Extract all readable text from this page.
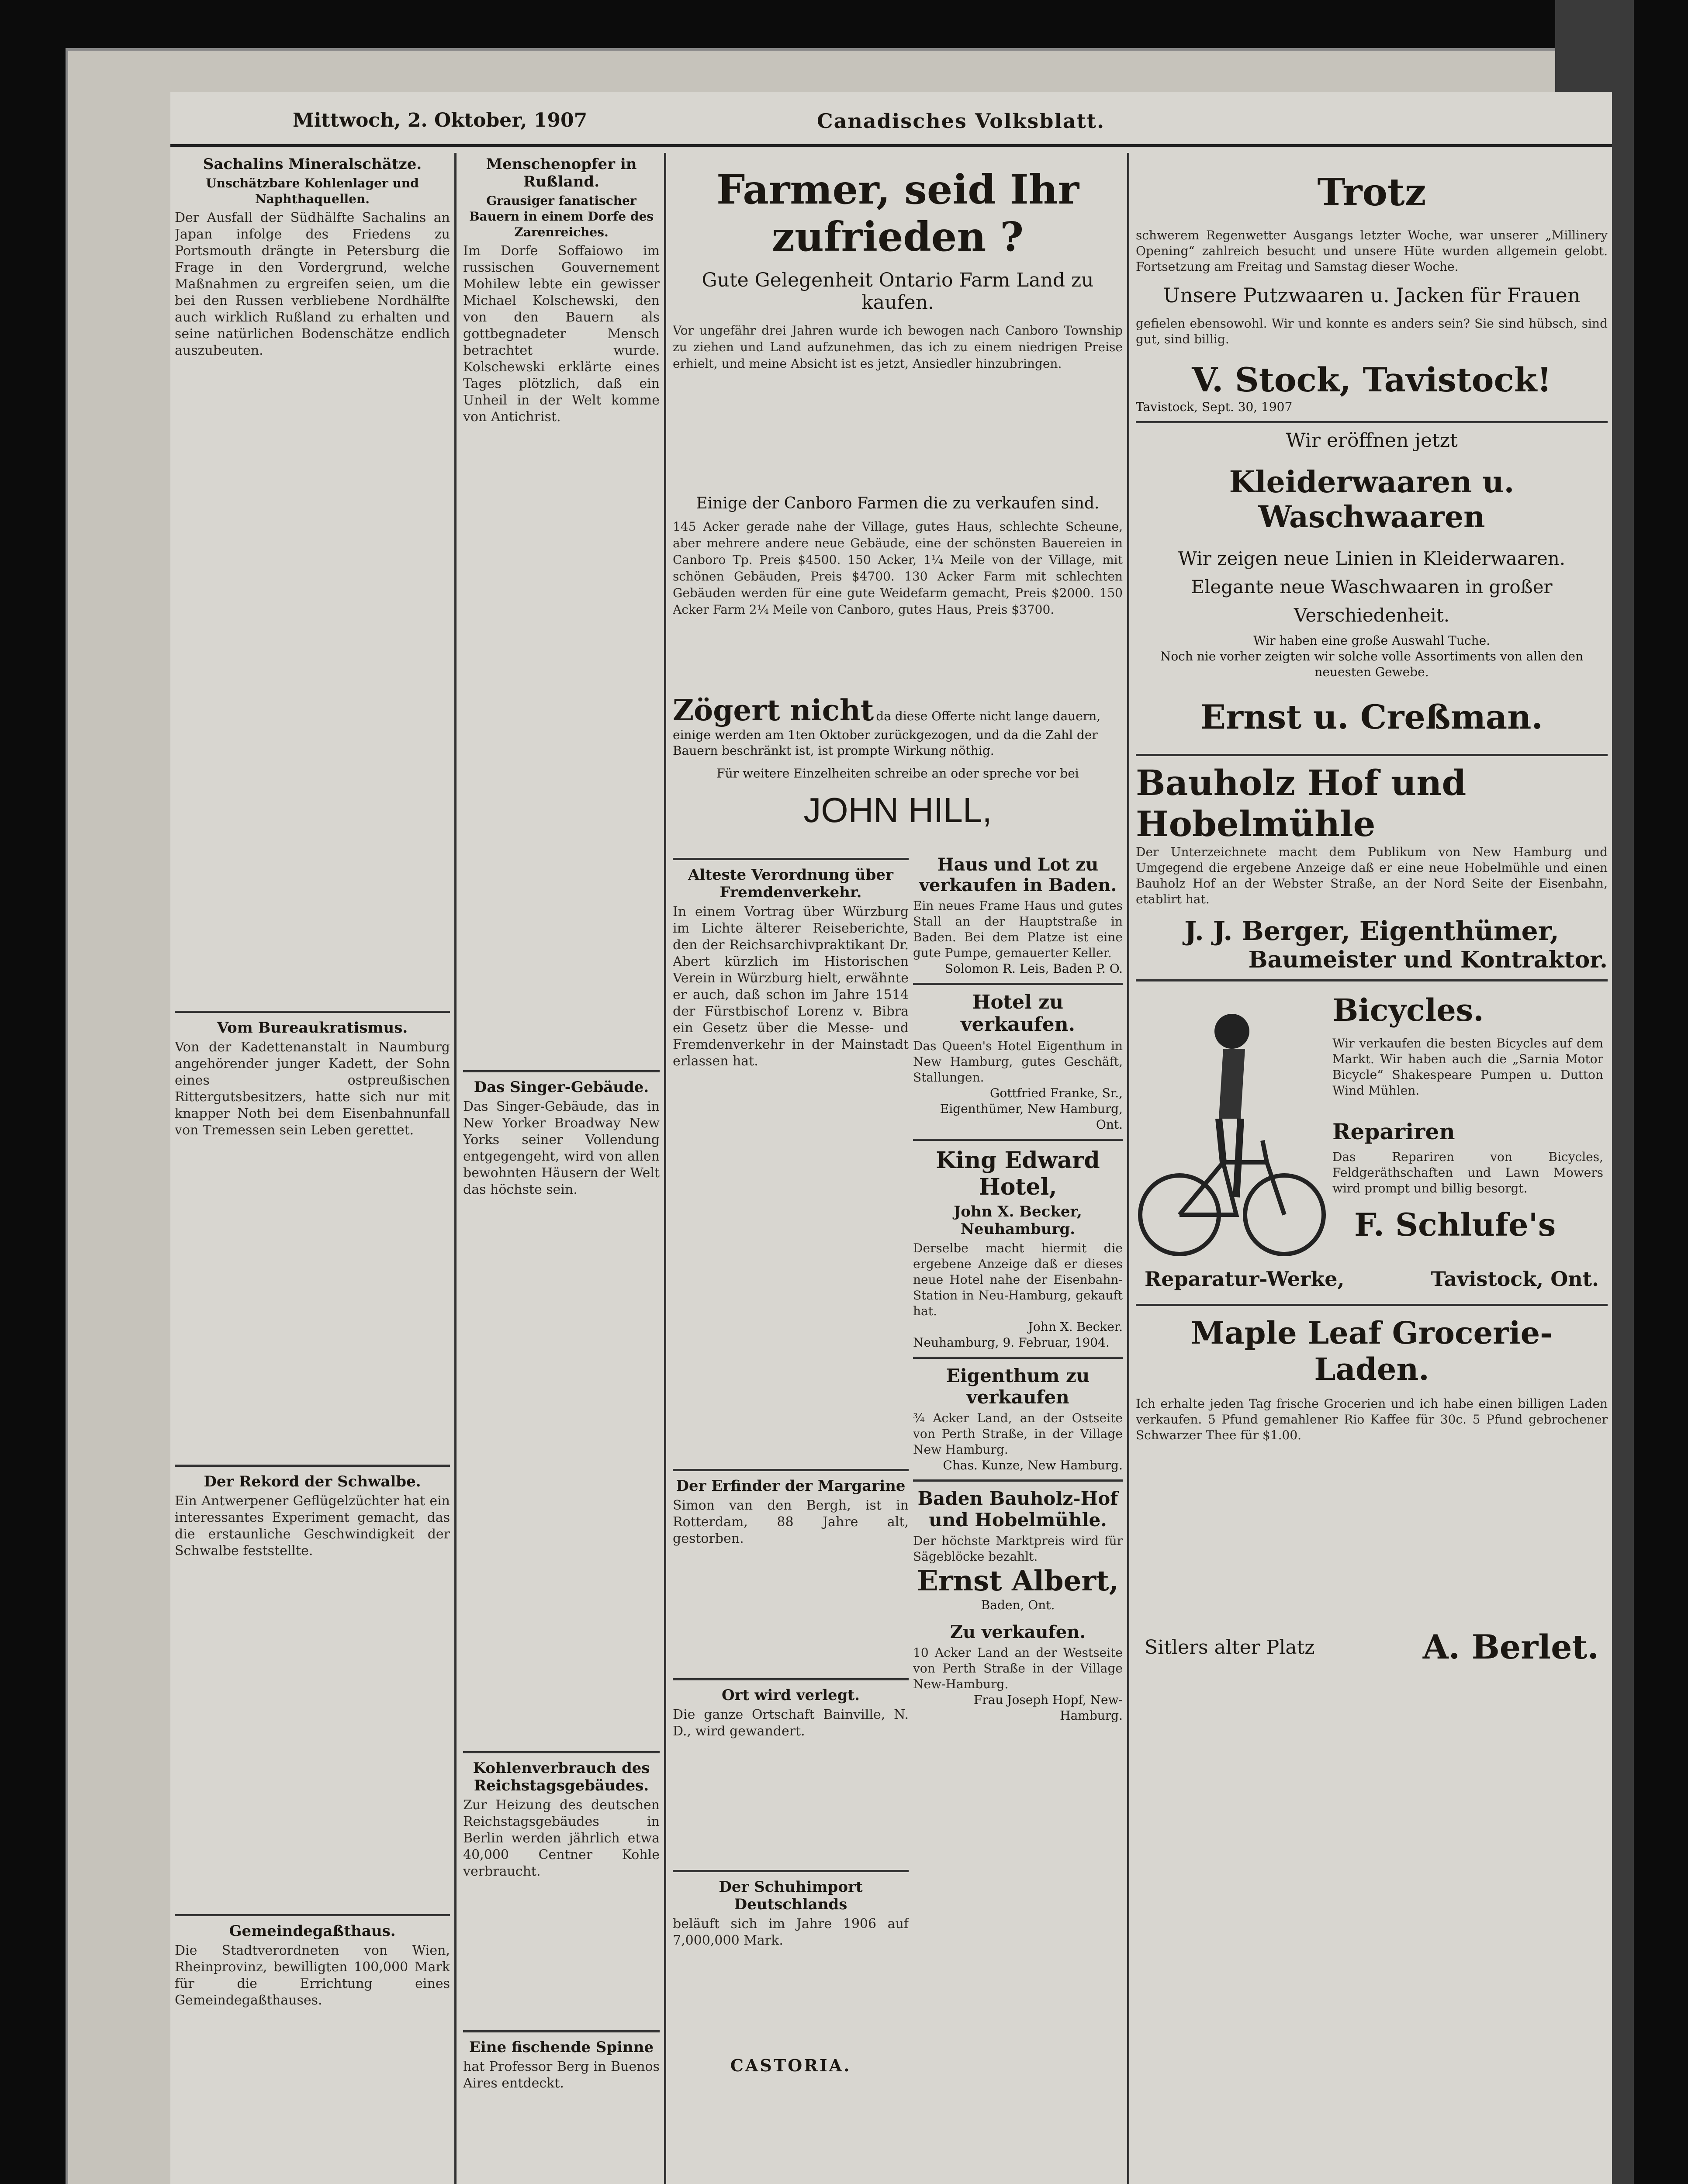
Mittwoch, 2. Oktober, 1907	Canadisches Volksblatt.
Sachalins Mineralschätze.
Unschätzbare Kohlenlager und Naphthaquellen.
Der Ausfall der Südhälfte Sachalins an Japan infolge des Friedens zu Portsmouth drängte in Petersburg die Frage in den Vordergrund, welche Maßnahmen zu ergreifen seien, um die bei den Russen verbliebene Nordhälfte auch wirklich Rußland zu erhalten und seine natürlichen Bodenschätze endlich auszubeuten.
Vom Bureaukratismus.
Von der Kadettenanstalt in Naumburg angehörender junger Kadett, der Sohn eines ostpreußischen Rittergutsbesitzers, hatte sich nur mit knapper Noth bei dem Eisenbahnunfall von Tremessen sein Leben gerettet.
Der Rekord der Schwalbe.
Ein Antwerpener Geflügelzüchter hat ein interessantes Experiment gemacht, das die erstaunliche Geschwindigkeit der Schwalbe feststellte.
Gemeindegaßthaus.
Die Stadtverordneten von Wien, Rheinprovinz, bewilligten 100,000 Mark für die Errichtung eines Gemeindegaßthauses.
Menschenopfer in Rußland.
Grausiger fanatischer Bauern in einem Dorfe des Zarenreiches.
Im Dorfe Soffaiowo im russischen Gouvernement Mohilew lebte ein gewisser Michael Kolschewski, den von den Bauern als gottbegnadeter Mensch betrachtet wurde. Kolschewski erklärte eines Tages plötzlich, daß ein Unheil in der Welt komme von Antichrist.
Das Singer-Gebäude.
Das Singer-Gebäude, das in New Yorker Broadway New Yorks seiner Vollendung entgegengeht, wird von allen bewohnten Häusern der Welt das höchste sein.
Kohlenverbrauch des Reichstagsgebäudes.
Zur Heizung des deutschen Reichstagsgebäudes in Berlin werden jährlich etwa 40,000 Centner Kohle verbraucht.
Eine fischende Spinne
hat Professor Berg in Buenos Aires entdeckt.
Farmer, seid Ihr zufrieden ?
Gute Gelegenheit Ontario Farm Land zu kaufen.
Vor ungefähr drei Jahren wurde ich bewogen nach Canboro Township zu ziehen und Land aufzunehmen, das ich zu einem niedrigen Preise erhielt, und meine Absicht ist es jetzt, Ansiedler hinzubringen.
Einige der Canboro Farmen die zu verkaufen sind.
145 Acker gerade nahe der Village, gutes Haus, schlechte Scheune, aber mehrere andere neue Gebäude, eine der schönsten Bauereien in Canboro Tp. Preis $4500. 150 Acker, 1¼ Meile von der Village, mit schönen Gebäuden, Preis $4700. 130 Acker Farm mit schlechten Gebäuden werden für eine gute Weidefarm gemacht, Preis $2000. 150 Acker Farm 2¼ Meile von Canboro, gutes Haus, Preis $3700.
Zögert nicht da diese Offerte nicht lange dauern, einige werden am 1ten Oktober zurückgezogen, und da die Zahl der Bauern beschränkt ist, ist prompte Wirkung nöthig.
Für weitere Einzelheiten schreibe an oder spreche vor bei
JOHN HILL,
Alteste Verordnung über Fremdenverkehr.
In einem Vortrag über Würzburg im Lichte älterer Reiseberichte, den der Reichsarchivpraktikant Dr. Abert kürzlich im Historischen Verein in Würzburg hielt, erwähnte er auch, daß schon im Jahre 1514 der Fürstbischof Lorenz v. Bibra ein Gesetz über die Messe- und Fremdenverkehr in der Mainstadt erlassen hat.
Der Erfinder der Margarine
Simon van den Bergh, ist in Rotterdam, 88 Jahre alt, gestorben.
Ort wird verlegt.
Die ganze Ortschaft Bainville, N. D., wird gewandert.
Der Schuhimport Deutschlands
beläuft sich im Jahre 1906 auf 7,000,000 Mark.
CASTORIA.
Haus und Lot zu verkaufen in Baden.
Ein neues Frame Haus und gutes Stall an der Hauptstraße in Baden. Bei dem Platze ist eine gute Pumpe, gemauerter Keller.
Solomon R. Leis, Baden P. O.
Hotel zu verkaufen.
Das Queen's Hotel Eigenthum in New Hamburg, gutes Geschäft, Stallungen.
Gottfried Franke, Sr., Eigenthümer, New Hamburg, Ont.
King Edward Hotel,
John X. Becker, Neuhamburg.
Derselbe macht hiermit die ergebene Anzeige daß er dieses neue Hotel nahe der Eisenbahn-Station in Neu-Hamburg, gekauft hat.
John X. Becker.
Neuhamburg, 9. Februar, 1904.
Eigenthum zu verkaufen
¾ Acker Land, an der Ostseite von Perth Straße, in der Village New Hamburg.
Chas. Kunze, New Hamburg.
Baden Bauholz-Hof und Hobelmühle.
Der höchste Marktpreis wird für Sägeblöcke bezahlt.
Ernst Albert,
Baden, Ont.
Zu verkaufen.
10 Acker Land an der Westseite von Perth Straße in der Village New-Hamburg.
Frau Joseph Hopf, New-Hamburg.
Trotz
schwerem Regenwetter Ausgangs letzter Woche, war unserer „Millinery Opening“ zahlreich besucht und unsere Hüte wurden allgemein gelobt. Fortsetzung am Freitag und Samstag dieser Woche.
Unsere Putzwaaren u. Jacken für Frauen
gefielen ebensowohl. Wir und konnte es anders sein? Sie sind hübsch, sind gut, sind billig.
V. Stock, Tavistock!
Tavistock, Sept. 30, 1907
Wir eröffnen jetzt
Kleiderwaaren u. Waschwaaren
Wir zeigen neue Linien in Kleiderwaaren.
Elegante neue Waschwaaren in großer
Verschiedenheit.
Wir haben eine große Auswahl Tuche.
Noch nie vorher zeigten wir solche volle Assortiments von allen den neuesten Gewebe.
Ernst u. Creßman.
Bauholz Hof und
Hobelmühle
Der Unterzeichnete macht dem Publikum von New Hamburg und Umgegend die ergebene Anzeige daß er eine neue Hobelmühle und einen Bauholz Hof an der Webster Straße, an der Nord Seite der Eisenbahn, etablirt hat.
J. J. Berger, Eigenthümer,
Baumeister und Kontraktor.
Bicycles.
Wir verkaufen die besten Bicycles auf dem Markt. Wir haben auch die „Sarnia Motor Bicycle“ Shakespeare Pumpen u. Dutton Wind Mühlen.
Repariren
Das Repariren von Bicycles, Feldgeräthschaften und Lawn Mowers wird prompt und billig besorgt.
F. Schlufe's
Reparatur-Werke,	Tavistock, Ont.
Maple Leaf Grocerie-Laden.
Ich erhalte jeden Tag frische Grocerien und ich habe einen billigen Laden verkaufen. 5 Pfund gemahlener Rio Kaffee für 30c. 5 Pfund gebrochener Schwarzer Thee für $1.00.
Sitlers alter Platz	A. Berlet.
